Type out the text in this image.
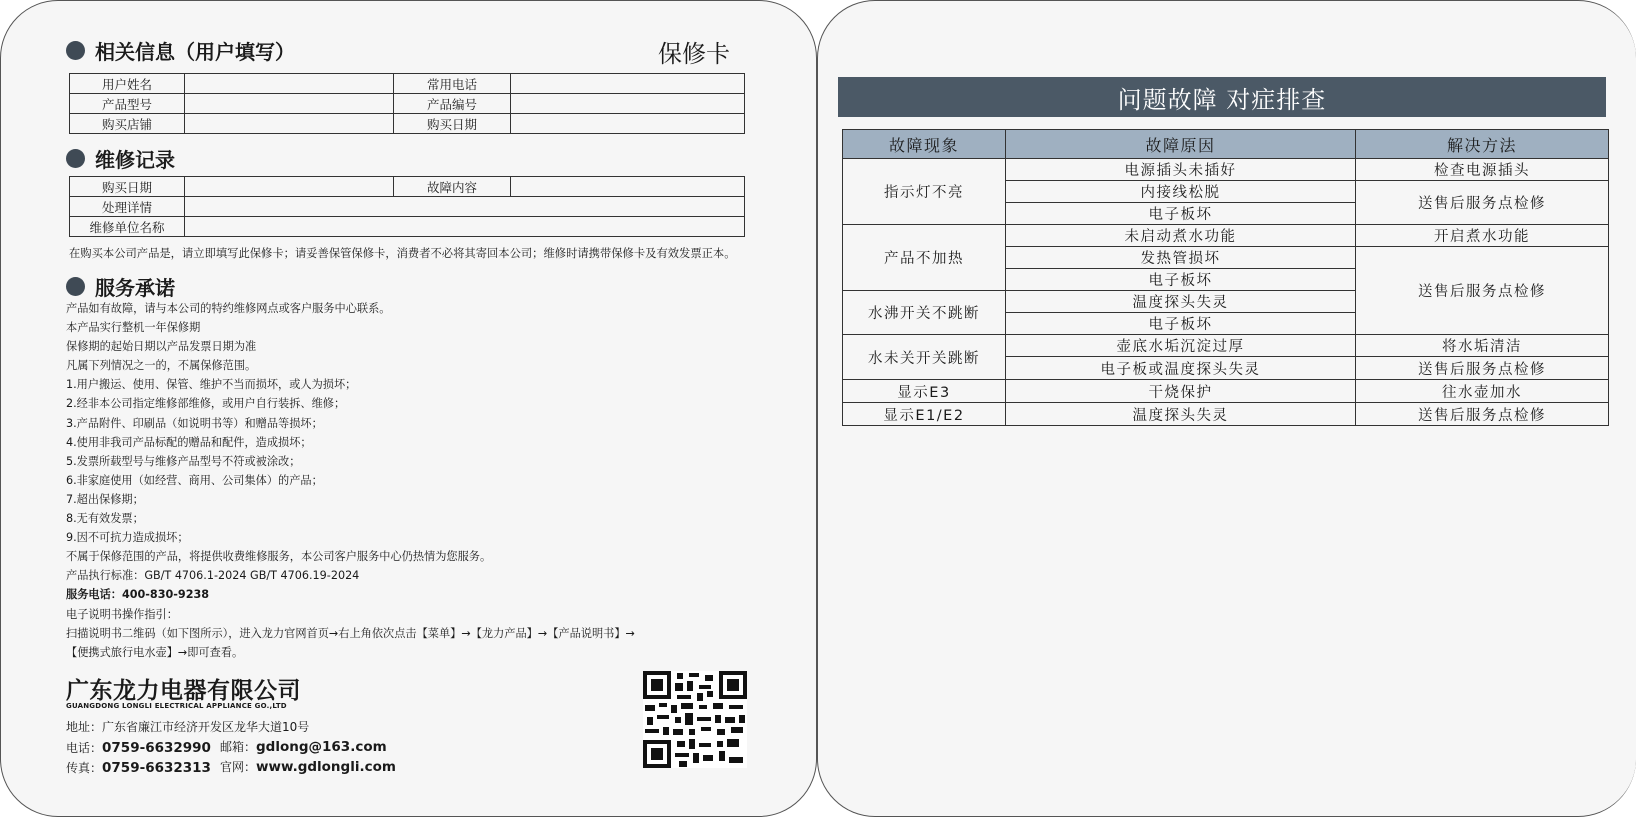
相关信息（用户填写）	保修卡
用户姓名		常用电话	
产品型号		产品编号	
购买店铺		购买日期	
维修记录
购买日期		故障内容	
处理详情			
维修单位名称			
在购买本公司产品是，请立即填写此保修卡；请妥善保管保修卡，消费者不必将其寄回本公司；维修时请携带保修卡及有效发票正本。
服务承诺
产品如有故障，请与本公司的特约维修网点或客户服务中心联系。
本产品实行整机一年保修期
保修期的起始日期以产品发票日期为准
凡属下列情况之一的，不属保修范围。
1.用户搬运、使用、保管、维护不当而损坏，或人为损坏；
2.经非本公司指定维修部维修，或用户自行装拆、维修；
3.产品附件、印刷品（如说明书等）和赠品等损坏；
4.使用非我司产品标配的赠品和配件，造成损坏；
5.发票所载型号与维修产品型号不符或被涂改；
6.非家庭使用（如经营、商用、公司集体）的产品；
7.超出保修期；
8.无有效发票；
9.因不可抗力造成损坏；
不属于保修范围的产品，将提供收费维修服务，本公司客户服务中心仍热情为您服务。
产品执行标准：GB/T 4706.1-2024 GB/T 4706.19-2024
服务电话：400-830-9238
电子说明书操作指引：
扫描说明书二维码（如下图所示），进入龙力官网首页→右上角依次点击【菜单】→【龙力产品】→【产品说明书】→
【便携式旅行电水壶】→即可查看。
广东龙力电器有限公司
GUANGDONG LONGLI ELECTRICAL APPLIANCE GO.,LTD
地址：广东省廉江市经济开发区龙华大道10号
电话：0759-6632990 邮箱：gdlong@163.com
传真：0759-6632313 官网：www.gdlongli.com
问题故障 对症排查
故障现象	故障原因	解决方法
指示灯不亮	电源插头未插好	检查电源插头
	内接线松脱	送售后服务点检修
	电子板坏	
产品不加热	未启动煮水功能	开启煮水功能
	发热管损坏	送售后服务点检修
	电子板坏	
水沸开关不跳断	温度探头失灵	
	电子板坏	
水未关开关跳断	壶底水垢沉淀过厚	将水垢清洁
	电子板或温度探头失灵	送售后服务点检修
显示E3	干烧保护	往水壶加水
显示E1/E2	温度探头失灵	送售后服务点检修
